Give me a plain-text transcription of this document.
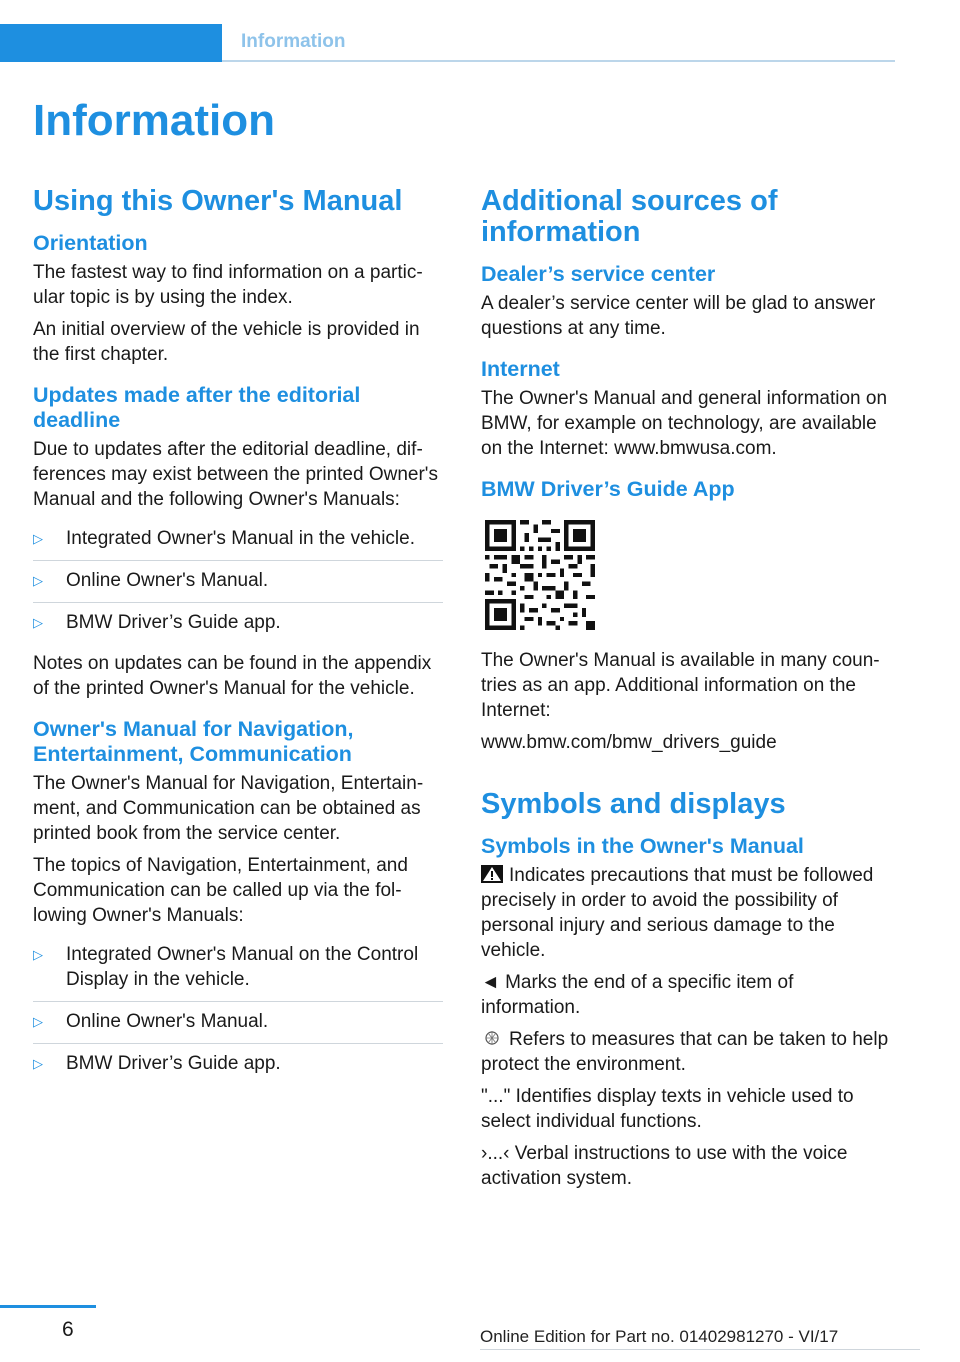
Information
Information
Using this Owner's Manual
Orientation

The fastest way to find information on a particular topic is by using the index.

An initial overview of the vehicle is provided in the first chapter.

Updates made after the editorial deadline

Due to updates after the editorial deadline, differences may exist between the printed Owner's Manual and the following Owner's Manuals:

▷ Integrated Owner's Manual in the vehicle.
▷ Online Owner's Manual.
▷ BMW Driver’s Guide app.

Notes on updates can be found in the appendix of the printed Owner's Manual for the vehicle.

Owner's Manual for Navigation, Entertainment, Communication

The Owner's Manual for Navigation, Entertainment, and Communication can be obtained as printed book from the service center.

The topics of Navigation, Entertainment, and Communication can be called up via the following Owner's Manuals:

▷ Integrated Owner's Manual on the Control Display in the vehicle.
▷ Online Owner's Manual.
▷ BMW Driver’s Guide app.
Additional sources of information
Dealer’s service center

A dealer’s service center will be glad to answer questions at any time.

Internet

The Owner's Manual and general information on BMW, for example on technology, are available on the Internet: www.bmwusa.com.

BMW Driver’s Guide App

The Owner's Manual is available in many countries as an app. Additional information on the Internet:

www.bmw.com/bmw_drivers_guide

Symbols and displays
Symbols in the Owner's Manual

Indicates precautions that must be followed precisely in order to avoid the possibility of personal injury and serious damage to the vehicle.

◄ Marks the end of a specific item of information.

Refers to measures that can be taken to help protect the environment.

"..." Identifies display texts in vehicle used to select individual functions.

›...‹ Verbal instructions to use with the voice activation system.

6	Online Edition for Part no. 01402981270 - VI/17
